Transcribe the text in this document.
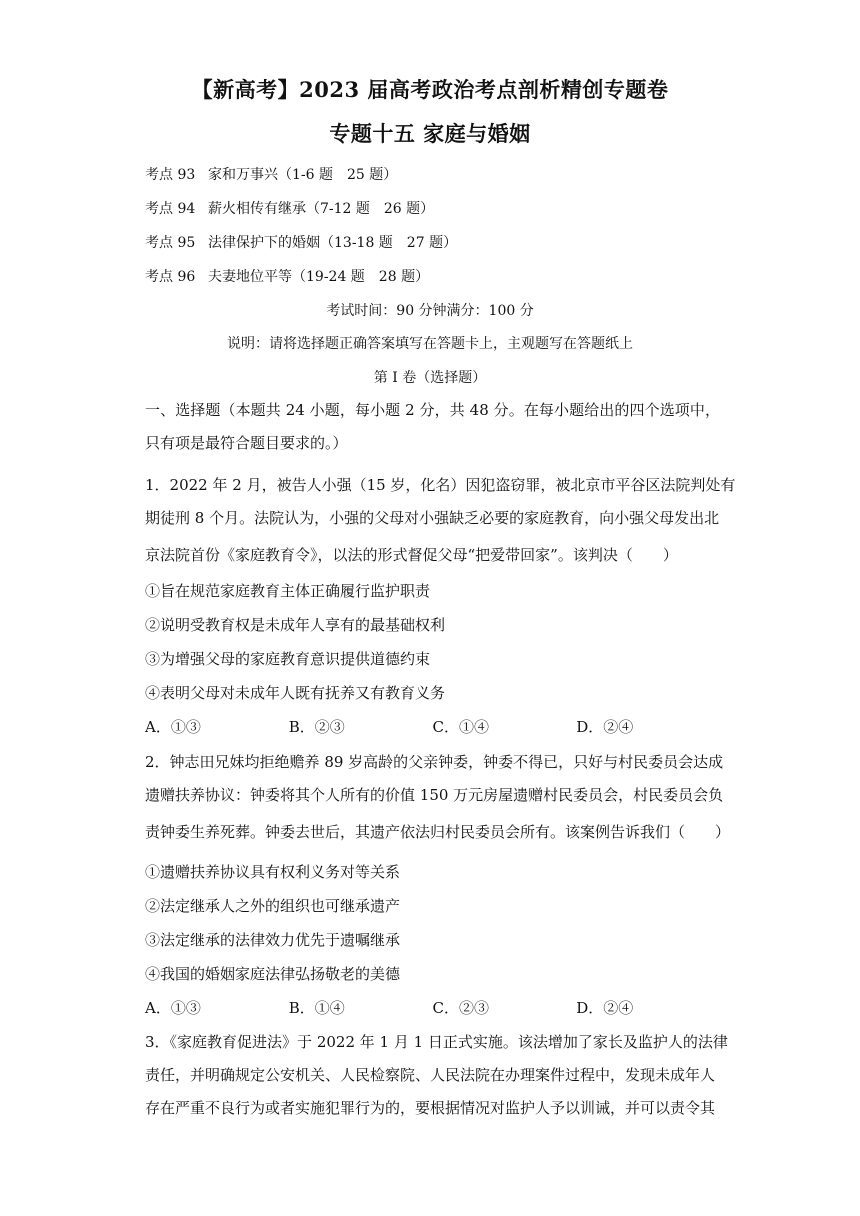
【新高考】2023 届高考政治考点剖析精创专题卷
专题十五 家庭与婚姻
考点 93 家和万事兴（1-6 题　25 题）
考点 94 薪火相传有继承（7-12 题　26 题）
考点 95 法律保护下的婚姻（13-18 题　27 题）
考点 96 夫妻地位平等（19-24 题　28 题）
考试时间：90 分钟满分：100 分
说明：请将选择题正确答案填写在答题卡上，主观题写在答题纸上
第 I 卷（选择题）
一、选择题（本题共 24 小题，每小题 2 分，共 48 分。在每小题给出的四个选项中，只有项是最符合题目要求的。）
1．2022 年 2 月，被告人小强（15 岁，化名）因犯盗窃罪，被北京市平谷区法院判处有
期徒刑 8 个月。法院认为，小强的父母对小强缺乏必要的家庭教育，向小强父母发出北
京法院首份《家庭教育令》，以法的形式督促父母“把爱带回家”。该判决（　　）
①旨在规范家庭教育主体正确履行监护职责
②说明受教育权是未成年人享有的最基础权利
③为增强父母的家庭教育意识提供道德约束
④表明父母对未成年人既有抚养又有教育义务
A．①③	B．②③	C．①④	D．②④
2．钟志田兄妹均拒绝赡养 89 岁高龄的父亲钟委，钟委不得已，只好与村民委员会达成
遗赠扶养协议：钟委将其个人所有的价值 150 万元房屋遗赠村民委员会，村民委员会负
责钟委生养死葬。钟委去世后，其遗产依法归村民委员会所有。该案例告诉我们（　　）
①遗赠扶养协议具有权利义务对等关系
②法定继承人之外的组织也可继承遗产
③法定继承的法律效力优先于遗嘱继承
④我国的婚姻家庭法律弘扬敬老的美德
A．①③	B．①④	C．②③	D．②④
3．《家庭教育促进法》于 2022 年 1 月 1 日正式实施。该法增加了家长及监护人的法律
责任，并明确规定公安机关、人民检察院、人民法院在办理案件过程中，发现未成年人
存在严重不良行为或者实施犯罪行为的，要根据情况对监护人予以训诫，并可以责令其
